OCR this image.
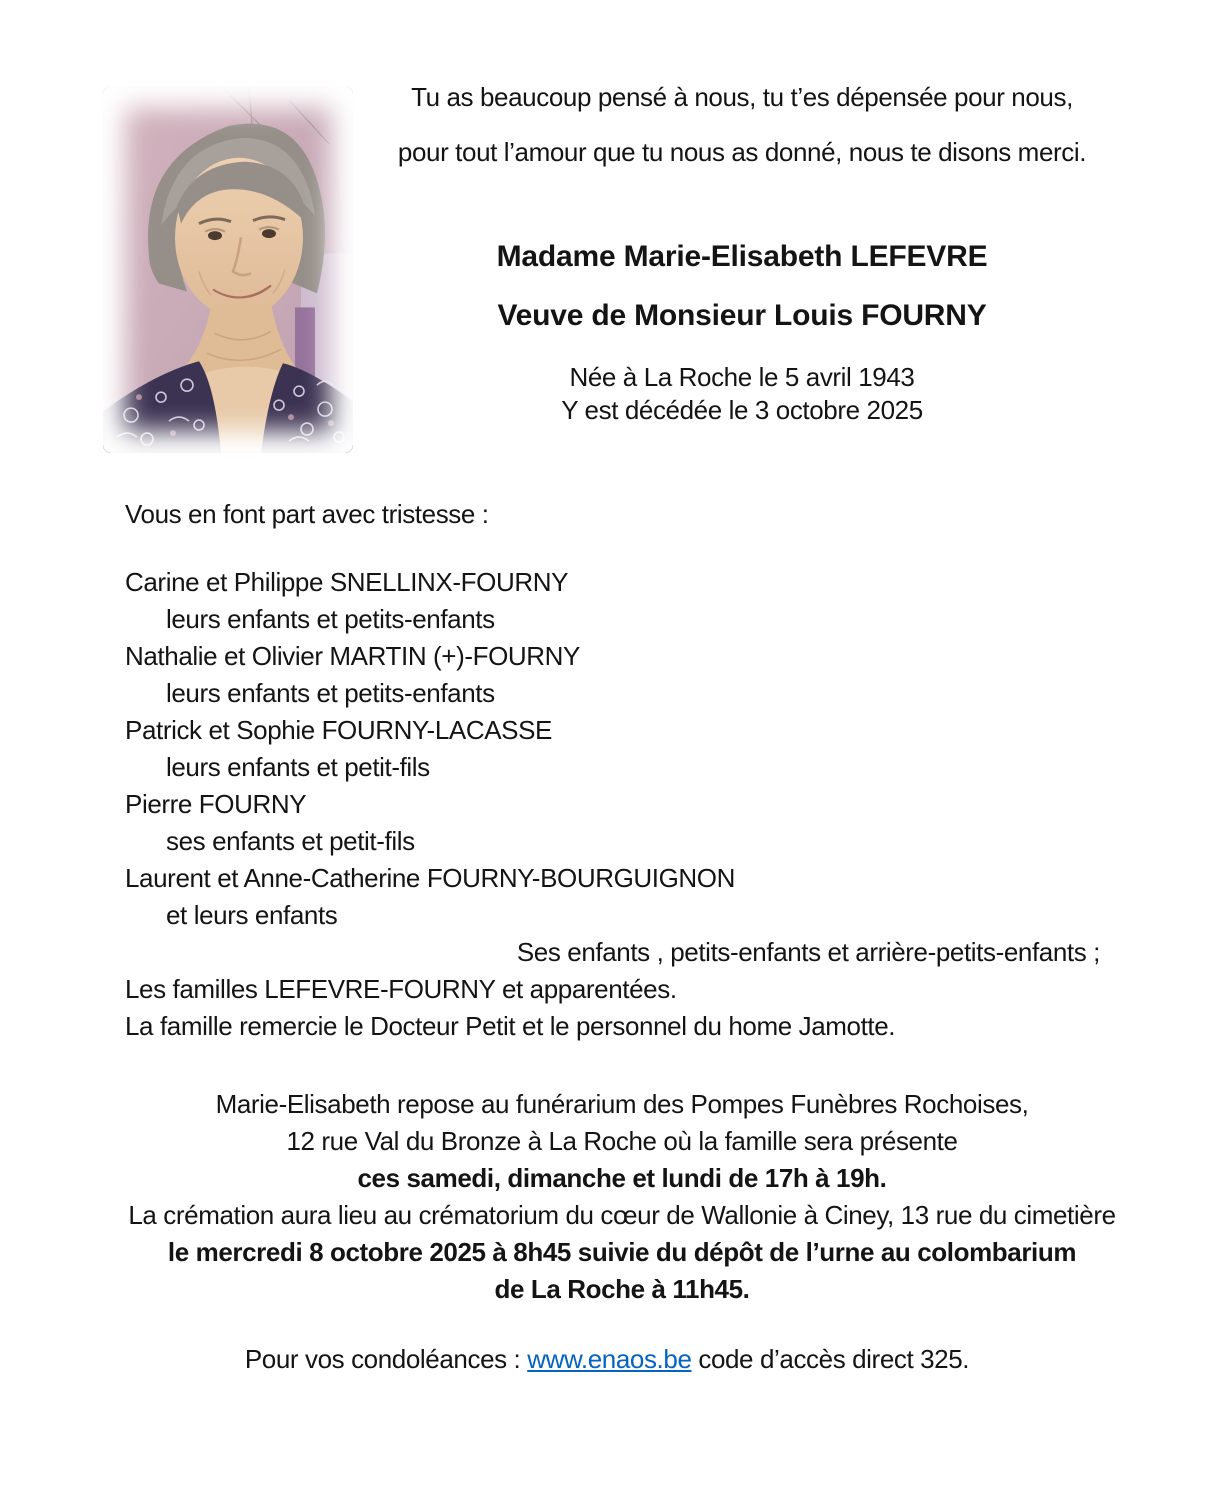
Tu as beaucoup pensé à nous, tu t’es dépensée pour nous,
pour tout l’amour que tu nous as donné, nous te disons merci.
Madame Marie-Elisabeth LEFEVRE
Veuve de Monsieur Louis FOURNY
Née à La Roche le 5 avril 1943
Y est décédée le 3 octobre 2025
Vous en font part avec tristesse :
Carine et Philippe SNELLINX-FOURNY
leurs enfants et petits-enfants
Nathalie et Olivier MARTIN (+)-FOURNY
leurs enfants et petits-enfants
Patrick et Sophie FOURNY-LACASSE
leurs enfants et petit-fils
Pierre FOURNY
ses enfants et petit-fils
Laurent et Anne-Catherine FOURNY-BOURGUIGNON
et leurs enfants
Ses enfants , petits-enfants et arrière-petits-enfants ;
Les familles LEFEVRE-FOURNY et apparentées.
La famille remercie le Docteur Petit et le personnel du home Jamotte.
Marie-Elisabeth repose au funérarium des Pompes Funèbres Rochoises,
12 rue Val du Bronze à La Roche où la famille sera présente
ces samedi, dimanche et lundi de 17h à 19h.
La crémation aura lieu au crématorium du cœur de Wallonie à Ciney, 13 rue du cimetière
le mercredi 8 octobre 2025 à 8h45 suivie du dépôt de l’urne au colombarium
de La Roche à 11h45.
Pour vos condoléances : www.enaos.be code d’accès direct 325.
